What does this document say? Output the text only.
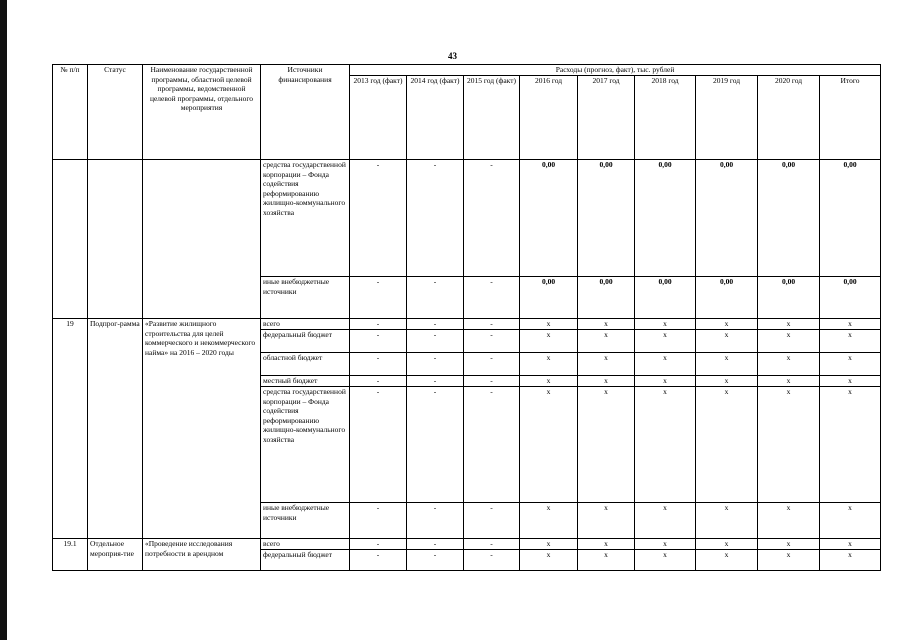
43
№ п/п	Статус	Наименование государственной программы, областной целевой программы, ведомственной целевой программы, отдельного мероприятия	Источники финансирования	Расходы (прогноз, факт), тыс. рублей								
				2013 год (факт)	2014 год (факт)	2015 год (факт)	2016 год	2017 год	2018 год	2019 год	2020 год	Итого
			средства государственной корпорации – Фонда содействия реформированию жилищно-коммунального хозяйства	-	-	-	0,00	0,00	0,00	0,00	0,00	0,00
			иные внебюджетные источники	-	-	-	0,00	0,00	0,00	0,00	0,00	0,00
19	Подпрог-рамма	«Развитие жилищного строительства для целей коммерческого и некоммерческого найма» на 2016 – 2020 годы	всего	-	-	-	х	х	х	х	х	х
			федеральный бюджет	-	-	-	х	х	х	х	х	х
			областной бюджет	-	-	-	х	х	х	х	х	х
			местный бюджет	-	-	-	х	х	х	х	х	х
			средства государственной корпорации – Фонда содействия реформированию жилищно-коммунального хозяйства	-	-	-	х	х	х	х	х	х
			иные внебюджетные источники	-	-	-	х	х	х	х	х	х
19.1	Отдельное мероприя-тие	«Проведение исследования потребности в арендном	всего	-	-	-	х	х	х	х	х	х
			федеральный бюджет	-	-	-	х	х	х	х	х	х
